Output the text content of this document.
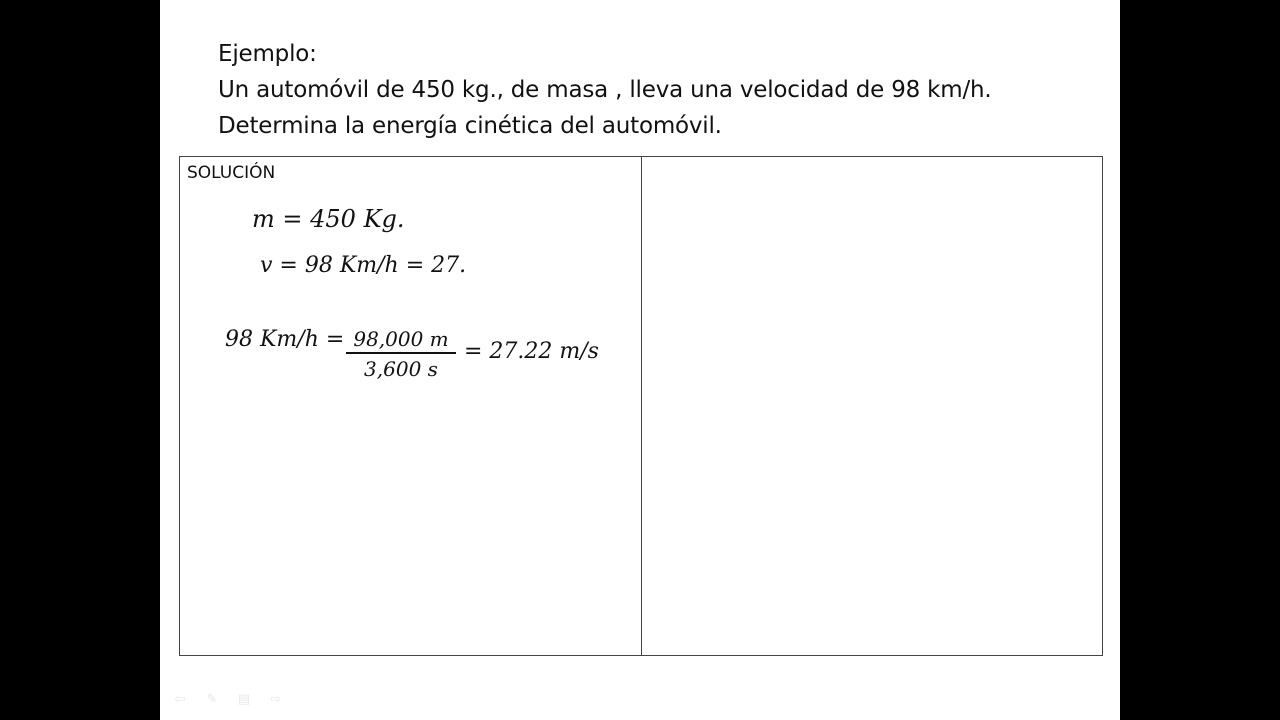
Ejemplo:
Un automóvil de 450 kg., de masa , lleva una velocidad de 98 km/h.
Determina la energía cinética del automóvil.
SOLUCIÓN
m = 450 Kg.
v = 98 Km/h = 27.
98 Km/h = 98,000 m
3,600 s
= 27.22 m/s
⇦	✎	▤	⇨
